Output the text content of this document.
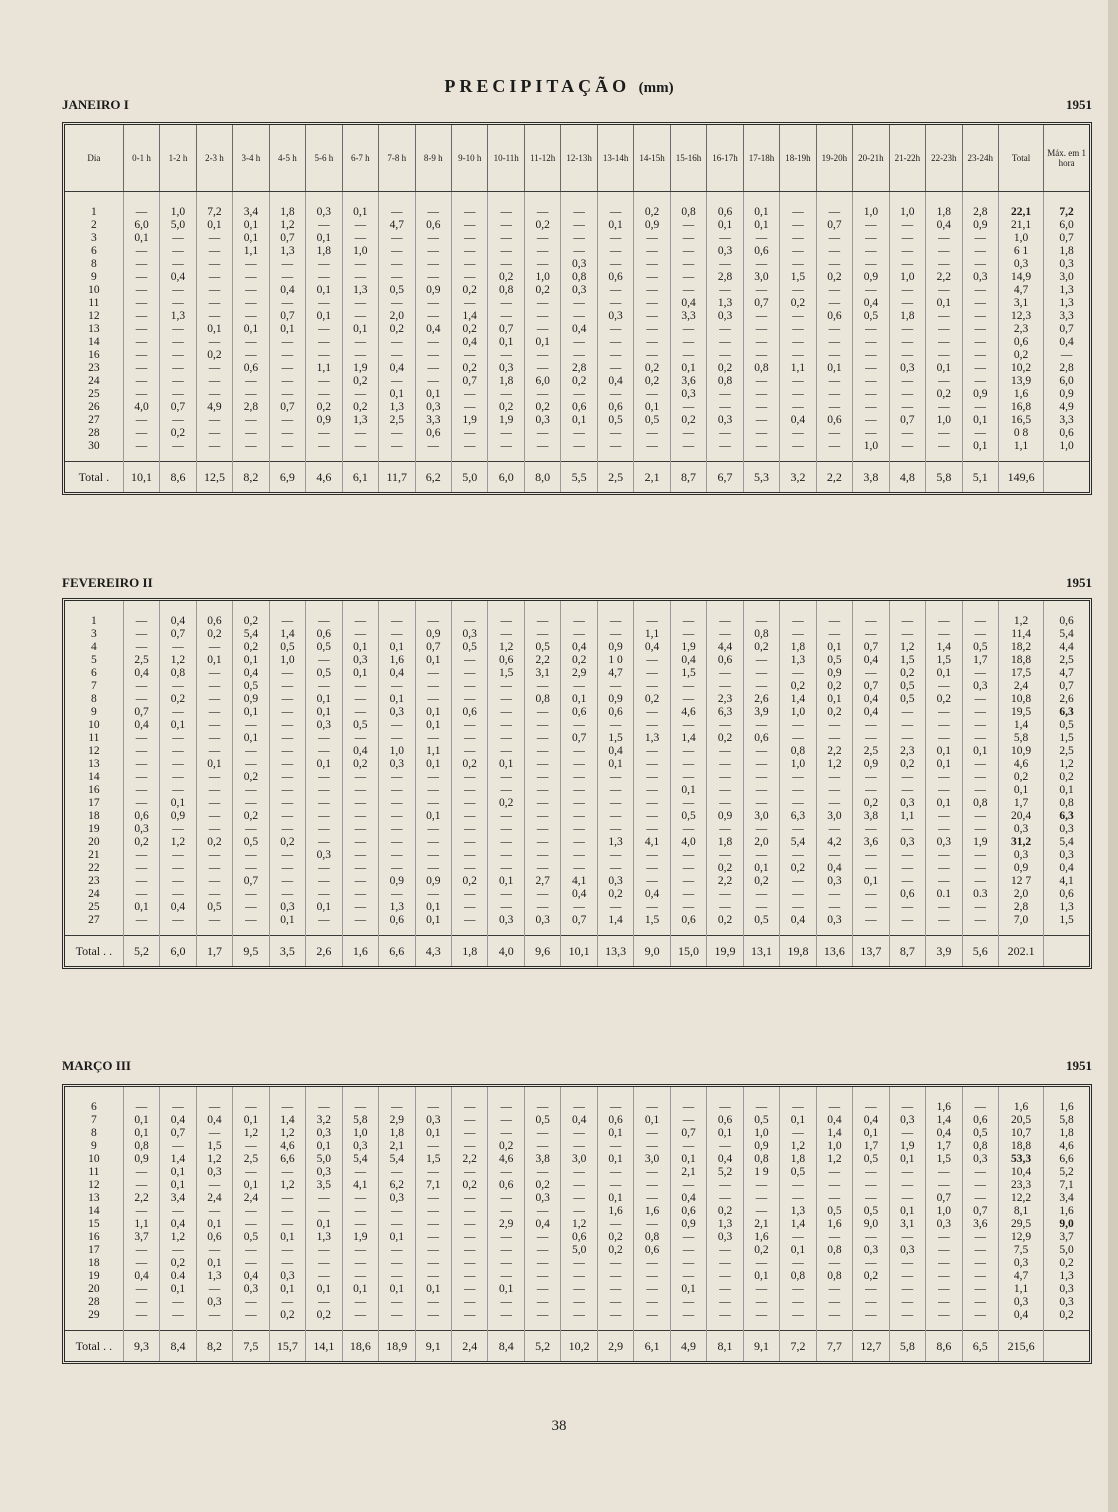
PRECIPITAÇÃO (mm)
JANEIRO I	1951
Dia	0-1 h	1-2 h	2-3 h	3-4 h	4-5 h	5-6 h	6-7 h	7-8 h	8-9 h	9-10 h	10-11h	11-12h	12-13h	13-14h	14-15h	15-16h	16-17h	17-18h	18-19h	19-20h	20-21h	21-22h	22-23h	23-24h	Total	Máx. em 1 hora

1	—	1,0	7,2	3,4	1,8	0,3	0,1	—	—	—	—	—	—	—	0,2	0,8	0,6	0,1	—	—	1,0	1,0	1,8	2,8	22,1	7,2
2	6,0	5,0	0,1	0,1	1,2	—	—	4,7	0,6	—	—	0,2	—	0,1	0,9	—	0,1	0,1	—	0,7	—	—	0,4	0,9	21,1	6,0
3	0,1	—	—	0,1	0,7	0,1	—	—	—	—	—	—	—	—	—	—	—	—	—	—	—	—	—	—	1,0	0,7
6	—	—	—	1,1	1,3	1,8	1,0	—	—	—	—	—	—	—	—	—	0,3	0,6	—	—	—	—	—	—	6 1	1,8
8	—	—	—	—	—	—	—	—	—	—	—	—	0,3	—	—	—	—	—	—	—	—	—	—	—	0,3	0,3
9	—	0,4	—	—	—	—	—	—	—	—	0,2	1,0	0,8	0,6	—	—	2,8	3,0	1,5	0,2	0,9	1,0	2,2	0,3	14,9	3,0
10	—	—	—	—	0,4	0,1	1,3	0,5	0,9	0,2	0,8	0,2	0,3	—	—	—	—	—	—	—	—	—	—	—	4,7	1,3
11	—	—	—	—	—	—	—	—	—	—	—	—	—	—	—	0,4	1,3	0,7	0,2	—	0,4	—	0,1	—	3,1	1,3
12	—	1,3	—	—	0,7	0,1	—	2,0	—	1,4	—	—	—	0,3	—	3,3	0,3	—	—	0,6	0,5	1,8	—	—	12,3	3,3
13	—	—	0,1	0,1	0,1	—	0,1	0,2	0,4	0,2	0,7	—	0,4	—	—	—	—	—	—	—	—	—	—	—	2,3	0,7
14	—	—	—	—	—	—	—	—	—	0,4	0,1	0,1	—	—	—	—	—	—	—	—	—	—	—	—	0,6	0,4
16	—	—	0,2	—	—	—	—	—	—	—	—	—	—	—	—	—	—	—	—	—	—	—	—	—	0,2	—
23	—	—	—	0,6	—	1,1	1,9	0,4	—	0,2	0,3	—	2,8	—	0,2	0,1	0,2	0,8	1,1	0,1	—	0,3	0,1	—	10,2	2,8
24	—	—	—	—	—	—	0,2	—	—	0,7	1,8	6,0	0,2	0,4	0,2	3,6	0,8	—	—	—	—	—	—	—	13,9	6,0
25	—	—	—	—	—	—	—	0,1	0,1	—	—	—	—	—	—	0,3	—	—	—	—	—	—	0,2	0,9	1,6	0,9
26	4,0	0,7	4,9	2,8	0,7	0,2	0,2	1,3	0,3	—	0,2	0,2	0,6	0,6	0,1	—	—	—	—	—	—	—	—	—	16,8	4,9
27	—	—	—	—	—	0,9	1,3	2,5	3,3	1,9	1,9	0,3	0,1	0,5	0,5	0,2	0,3	—	0,4	0,6	—	0,7	1,0	0,1	16,5	3,3
28	—	0,2	—	—	—	—	—	—	0,6	—	—	—	—	—	—	—	—	—	—	—	—	—	—	—	0 8	0,6
30	—	—	—	—	—	—	—	—	—	—	—	—	—	—	—	—	—	—	—	—	1,0	—	—	0,1	1,1	1,0

Total .	10,1	8,6	12,5	8,2	6,9	4,6	6,1	11,7	6,2	5,0	6,0	8,0	5,5	2,5	2,1	8,7	6,7	5,3	3,2	2,2	3,8	4,8	5,8	5,1	149,6	
FEVEREIRO II	1951

1	—	0,4	0,6	0,2	—	—	—	—	—	—	—	—	—	—	—	—	—	—	—	—	—	—	—	—	1,2	0,6
3	—	0,7	0,2	5,4	1,4	0,6	—	—	0,9	0,3	—	—	—	—	1,1	—	—	0,8	—	—	—	—	—	—	11,4	5,4
4	—	—	—	0,2	0,5	0,5	0,1	0,1	0,7	0,5	1,2	0,5	0,4	0,9	0,4	1,9	4,4	0,2	1,8	0,1	0,7	1,2	1,4	0,5	18,2	4,4
5	2,5	1,2	0,1	0,1	1,0	—	0,3	1,6	0,1	—	0,6	2,2	0,2	1 0	—	0,4	0,6	—	1,3	0,5	0,4	1,5	1,5	1,7	18,8	2,5
6	0,4	0,8	—	0,4	—	0,5	0,1	0,4	—	—	1,5	3,1	2,9	4,7	—	1,5	—	—	—	0,9	—	0,2	0,1	—	17,5	4,7
7	—	—	—	0,5	—	—	—	—	—	—	—	—	—	—	—	—	—	—	0,2	0,2	0,7	0,5	—	0,3	2,4	0,7
8	—	0,2	—	0,9	—	0,1	—	0,1	—	—	—	0,8	0,1	0,9	0,2	—	2,3	2,6	1,4	0,1	0,4	0,5	0,2	—	10,8	2,6
9	0,7	—	—	0,1	—	0,1	—	0,3	0,1	0,6	—	—	0,6	0,6	—	4,6	6,3	3,9	1,0	0,2	0,4	—	—	—	19,5	6,3
10	0,4	0,1	—	—	—	0,3	0,5	—	0,1	—	—	—	—	—	—	—	—	—	—	—	—	—	—	—	1,4	0,5
11	—	—	—	0,1	—	—	—	—	—	—	—	—	0,7	1,5	1,3	1,4	0,2	0,6	—	—	—	—	—	—	5,8	1,5
12	—	—	—	—	—	—	0,4	1,0	1,1	—	—	—	—	0,4	—	—	—	—	0,8	2,2	2,5	2,3	0,1	0,1	10,9	2,5
13	—	—	0,1	—	—	0,1	0,2	0,3	0,1	0,2	0,1	—	—	0,1	—	—	—	—	1,0	1,2	0,9	0,2	0,1	—	4,6	1,2
14	—	—	—	0,2	—	—	—	—	—	—	—	—	—	—	—	—	—	—	—	—	—	—	—	—	0,2	0,2
16	—	—	—	—	—	—	—	—	—	—	—	—	—	—	—	0,1	—	—	—	—	—	—	—	—	0,1	0,1
17	—	0,1	—	—	—	—	—	—	—	—	0,2	—	—	—	—	—	—	—	—	—	0,2	0,3	0,1	0,8	1,7	0,8
18	0,6	0,9	—	0,2	—	—	—	—	0,1	—	—	—	—	—	—	0,5	0,9	3,0	6,3	3,0	3,8	1,1	—	—	20,4	6,3
19	0,3	—	—	—	—	—	—	—	—	—	—	—	—	—	—	—	—	—	—	—	—	—	—	—	0,3	0,3
20	0,2	1,2	0,2	0,5	0,2	—	—	—	—	—	—	—	—	1,3	4,1	4,0	1,8	2,0	5,4	4,2	3,6	0,3	0,3	1,9	31,2	5,4
21	—	—	—	—	—	0,3	—	—	—	—	—	—	—	—	—	—	—	—	—	—	—	—	—	—	0,3	0,3
22	—	—	—	—	—	—	—	—	—	—	—	—	—	—	—	—	0,2	0,1	0,2	0,4	—	—	—	—	0,9	0,4
23	—	—	—	0,7	—	—	—	0,9	0,9	0,2	0,1	2,7	4,1	0,3	—	—	2,2	0,2	—	0,3	0,1	—	—	—	12 7	4,1
24	—	—	—	—	—	—	—	—	—	—	—	—	0,4	0,2	0,4	—	—	—	—	—	—	0,6	0.1	0.3	2,0	0,6
25	0,1	0,4	0,5	—	0,3	0,1	—	1,3	0,1	—	—	—	—	—	—	—	—	—	—	—	—	—	—	—	2,8	1,3
27	—	—	—	—	0,1	—	—	0,6	0,1	—	0,3	0,3	0,7	1,4	1,5	0,6	0,2	0,5	0,4	0,3	—	—	—	—	7,0	1,5

Total . .	5,2	6,0	1,7	9,5	3,5	2,6	1,6	6,6	4,3	1,8	4,0	9,6	10,1	13,3	9,0	15,0	19,9	13,1	19,8	13,6	13,7	8,7	3,9	5,6	202.1	
MARÇO III	1951

6	—	—	—	—	—	—	—	—	—	—	—	—	—	—	—	—	—	—	—	—	—	—	1,6	—	1,6	1,6
7	0,1	0,4	0,4	0,1	1,4	3,2	5,8	2,9	0,3	—	—	0,5	0,4	0,6	0,1	—	0,6	0,5	0,1	0,4	0,4	0,3	1,4	0,6	20,5	5,8
8	0,1	0,7	—	1,2	1,2	0,3	1,0	1,8	0,1	—	—	—	—	0,1	—	0,7	0,1	1,0	—	1,4	0,1	—	0,4	0,5	10,7	1,8
9	0,8	—	1,5	—	4,6	0,1	0,3	2,1	—	—	0,2	—	—	—	—	—	—	0,9	1,2	1,0	1,7	1,9	1,7	0,8	18,8	4,6
10	0,9	1,4	1,2	2,5	6,6	5,0	5,4	5,4	1,5	2,2	4,6	3,8	3,0	0,1	3,0	0,1	0,4	0,8	1,8	1,2	0,5	0,1	1,5	0,3	53,3	6,6
11	—	0,1	0,3	—	—	0,3	—	—	—	—	—	—	—	—	—	2,1	5,2	1 9	0,5	—	—	—	—	—	10,4	5,2
12	—	0,1	—	0,1	1,2	3,5	4,1	6,2	7,1	0,2	0,6	0,2	—	—	—	—	—	—	—	—	—	—	—	—	23,3	7,1
13	2,2	3,4	2,4	2,4	—	—	—	0,3	—	—	—	0,3	—	0,1	—	0,4	—	—	—	—	—	—	0,7	—	12,2	3,4
14	—	—	—	—	—	—	—	—	—	—	—	—	—	1,6	1,6	0,6	0,2	—	1,3	0,5	0,5	0,1	1,0	0,7	8,1	1,6
15	1,1	0,4	0,1	—	—	0,1	—	—	—	—	2,9	0,4	1,2	—	—	0,9	1,3	2,1	1,4	1,6	9,0	3,1	0,3	3,6	29,5	9,0
16	3,7	1,2	0,6	0,5	0,1	1,3	1,9	0,1	—	—	—	—	0,6	0,2	0,8	—	0,3	1,6	—	—	—	—	—	—	12,9	3,7
17	—	—	—	—	—	—	—	—	—	—	—	—	5,0	0,2	0,6	—	—	0,2	0,1	0,8	0,3	0,3	—	—	7,5	5,0
18	—	0,2	0,1	—	—	—	—	—	—	—	—	—	—	—	—	—	—	—	—	—	—	—	—	—	0,3	0,2
19	0,4	0.4	1,3	0,4	0,3	—	—	—	—	—	—	—	—	—	—	—	—	0,1	0,8	0,8	0,2	—	—	—	4,7	1,3
20	—	0,1	—	0,3	0,1	0,1	0,1	0,1	0,1	—	0,1	—	—	—	—	0,1	—	—	—	—	—	—	—	—	1,1	0,3
28	—	—	0,3	—	—	—	—	—	—	—	—	—	—	—	—	—	—	—	—	—	—	—	—	—	0,3	0,3
29	—	—	—	—	0,2	0,2	—	—	—	—	—	—	—	—	—	—	—	—	—	—	—	—	—	—	0,4	0,2

Total . .	9,3	8,4	8,2	7,5	15,7	14,1	18,6	18,9	9,1	2,4	8,4	5,2	10,2	2,9	6,1	4,9	8,1	9,1	7,2	7,7	12,7	5,8	8,6	6,5	215,6	
38
